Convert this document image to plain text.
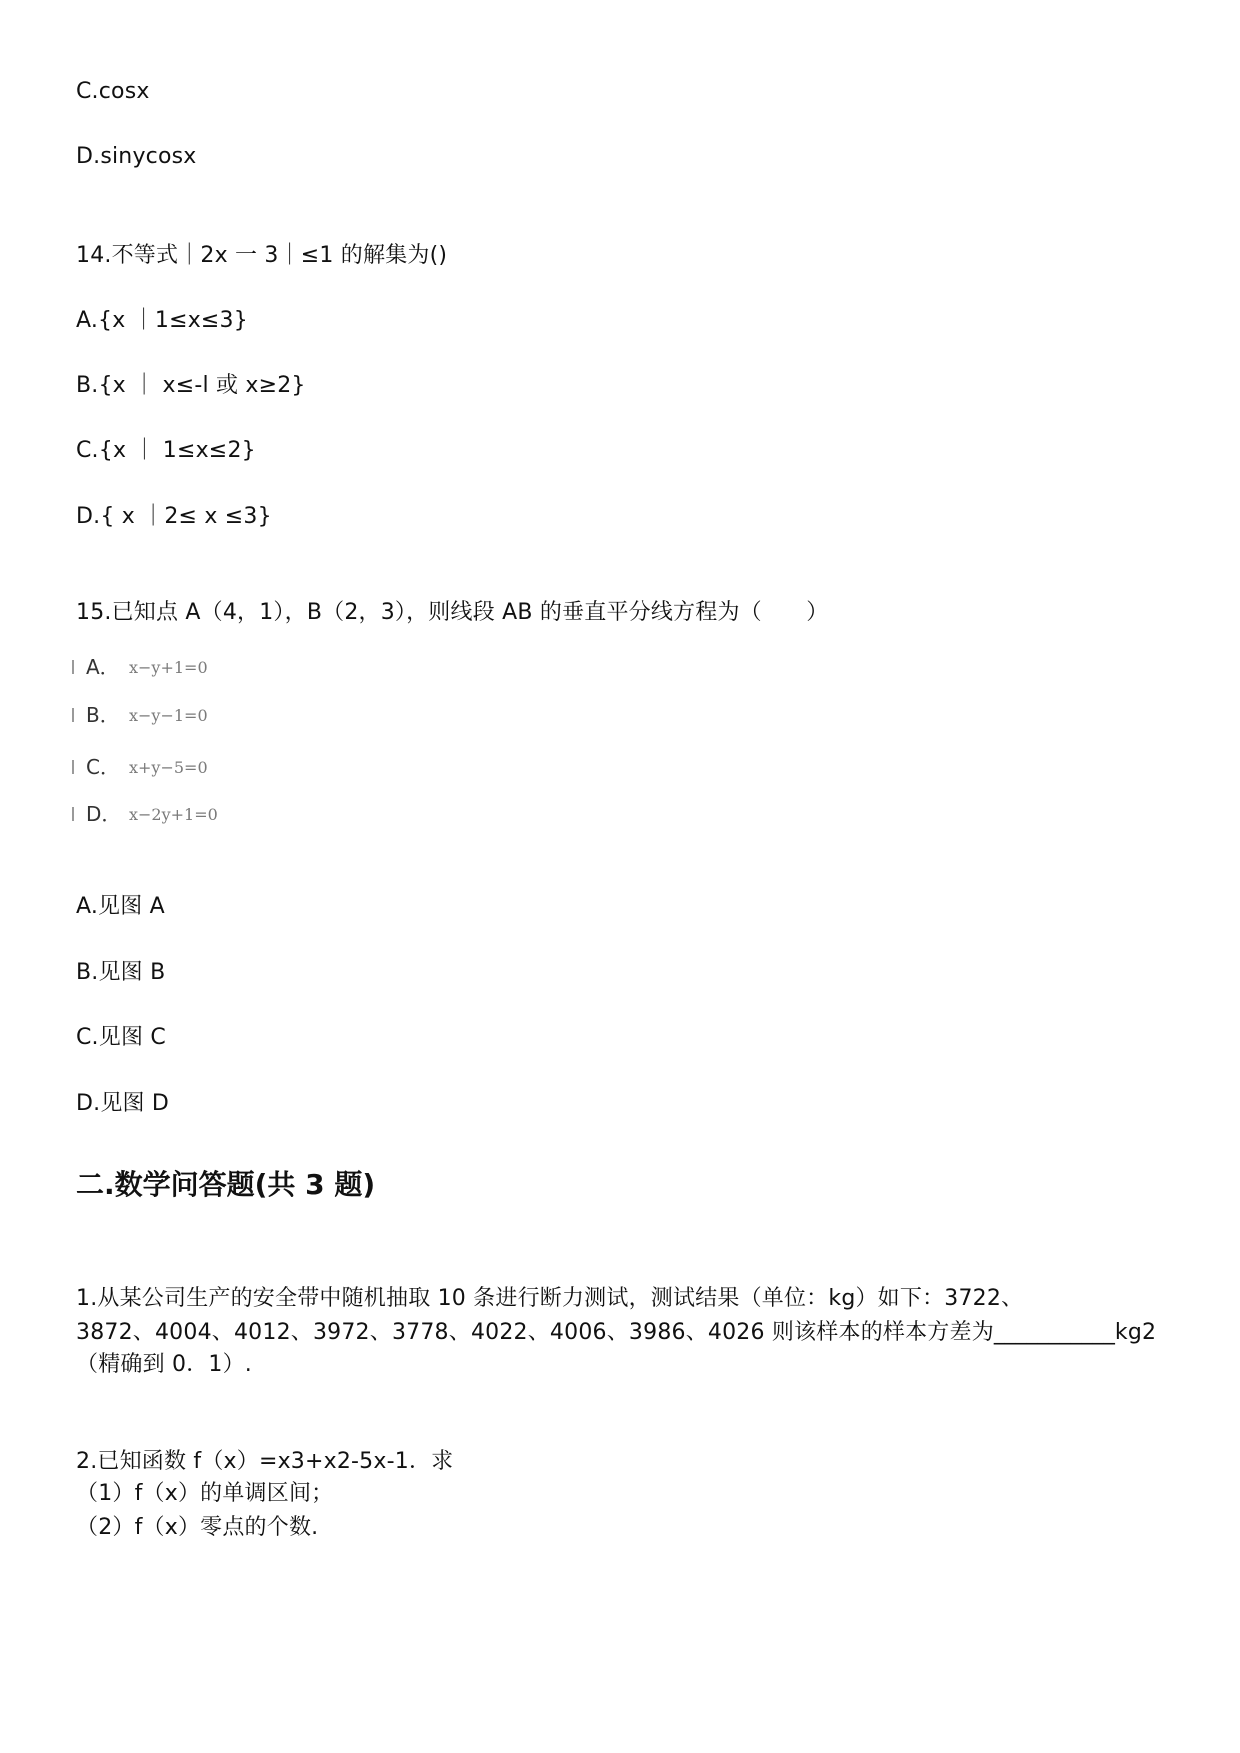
C.cosx
D.sinycosx
14.不等式｜2x 一 3｜≤1 的解集为()
A.{x ｜1≤x≤3}
B.{x ｜ x≤-l 或 x≥2}
C.{x ｜ 1≤x≤2}
D.{ x ｜2≤ x ≤3}
15.已知点 A（4，1），B（2，3），则线段 AB 的垂直平分线方程为（　　）
A． x−y+1=0
B． x−y−1=0
C． x+y−5=0
D． x−2y+1=0
A.见图 A
B.见图 B
C.见图 C
D.见图 D
二.数学问答题(共 3 题)
1.从某公司生产的安全带中随机抽取 10 条进行断力测试，测试结果（单位：kg）如下：3722、
3872、4004、4012、3972、3778、4022、4006、3986、4026 则该样本的样本方差为___________kg2
（精确到 0．1）.
2.已知函数 f（x）=x3+x2-5x-1．求
（1）f（x）的单调区间；
（2）f（x）零点的个数.
